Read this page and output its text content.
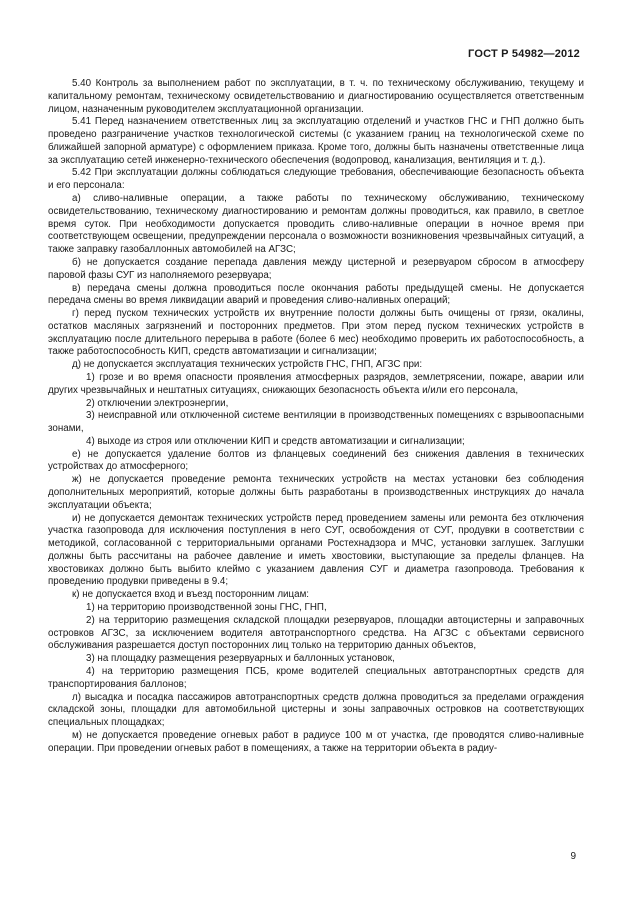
ГОСТ Р 54982—2012

5.40 Контроль за выполнением работ по эксплуатации, в т. ч. по техническому обслуживанию, текущему и капитальному ремонтам, техническому освидетельствованию и диагностированию осуществляется ответственным лицом, назначенным руководителем эксплуатационной организации.

5.41 Перед назначением ответственных лиц за эксплуатацию отделений и участков ГНС и ГНП должно быть проведено разграничение участков технологической системы (с указанием границ на технологической схеме по ближайшей запорной арматуре) с оформлением приказа. Кроме того, должны быть назначены ответственные лица за эксплуатацию сетей инженерно-технического обеспечения (водопровод, канализация, вентиляция и т. д.).

5.42 При эксплуатации должны соблюдаться следующие требования, обеспечивающие безопасность объекта и его персонала:

а) сливо-наливные операции, а также работы по техническому обслуживанию, техническому освидетельствованию, техническому диагностированию и ремонтам должны проводиться, как правило, в светлое время суток. При необходимости допускается проводить сливо-наливные операции в ночное время при соответствующем освещении, предупреждении персонала о возможности возникновения чрезвычайных ситуаций, а также заправку газобаллонных автомобилей на АГЗС;

б) не допускается создание перепада давления между цистерной и резервуаром сбросом в атмосферу паровой фазы СУГ из наполняемого резервуара;

в) передача смены должна проводиться после окончания работы предыдущей смены. Не допускается передача смены во время ликвидации аварий и проведения сливо-наливных операций;

г) перед пуском технических устройств их внутренние полости должны быть очищены от грязи, окалины, остатков масляных загрязнений и посторонних предметов. При этом перед пуском технических устройств в эксплуатацию после длительного перерыва в работе (более 6 мес) необходимо проверить их работоспособность, а также работоспособность КИП, средств автоматизации и сигнализации;

д) не допускается эксплуатация технических устройств ГНС, ГНП, АГЗС при:

1) грозе и во время опасности проявления атмосферных разрядов, землетрясении, пожаре, аварии или других чрезвычайных и нештатных ситуациях, снижающих безопасность объекта и/или его персонала,

2) отключении электроэнергии,

3) неисправной или отключенной системе вентиляции в производственных помещениях с взрывоопасными зонами,

4) выходе из строя или отключении КИП и средств автоматизации и сигнализации;

е) не допускается удаление болтов из фланцевых соединений без снижения давления в технических устройствах до атмосферного;

ж) не допускается проведение ремонта технических устройств на местах установки без соблюдения дополнительных мероприятий, которые должны быть разработаны в производственных инструкциях до начала эксплуатации объекта;

и) не допускается демонтаж технических устройств перед проведением замены или ремонта без отключения участка газопровода для исключения поступления в него СУГ, освобождения от СУГ, продувки в соответствии с методикой, согласованной с территориальными органами Ростехнадзора и МЧС, установки заглушек. Заглушки должны быть рассчитаны на рабочее давление и иметь хвостовики, выступающие за пределы фланцев. На хвостовиках должно быть выбито клеймо с указанием давления СУГ и диаметра газопровода. Требования к проведению продувки приведены в 9.4;

к) не допускается вход и въезд посторонним лицам:

1) на территорию производственной зоны ГНС, ГНП,

2) на территорию размещения складской площадки резервуаров, площадки автоцистерны и заправочных островков АГЗС, за исключением водителя автотранспортного средства. На АГЗС с объектами сервисного обслуживания разрешается доступ посторонних лиц только на территорию данных объектов,

3) на площадку размещения резервуарных и баллонных установок,

4) на территорию размещения ПСБ, кроме водителей специальных автотранспортных средств для транспортирования баллонов;

л) высадка и посадка пассажиров автотранспортных средств должна проводиться за пределами ограждения складской зоны, площадки для автомобильной цистерны и зоны заправочных островков на соответствующих специальных площадках;

м) не допускается проведение огневых работ в радиусе 100 м от участка, где проводятся сливо-наливные операции. При проведении огневых работ в помещениях, а также на территории объекта в радиу-

9
